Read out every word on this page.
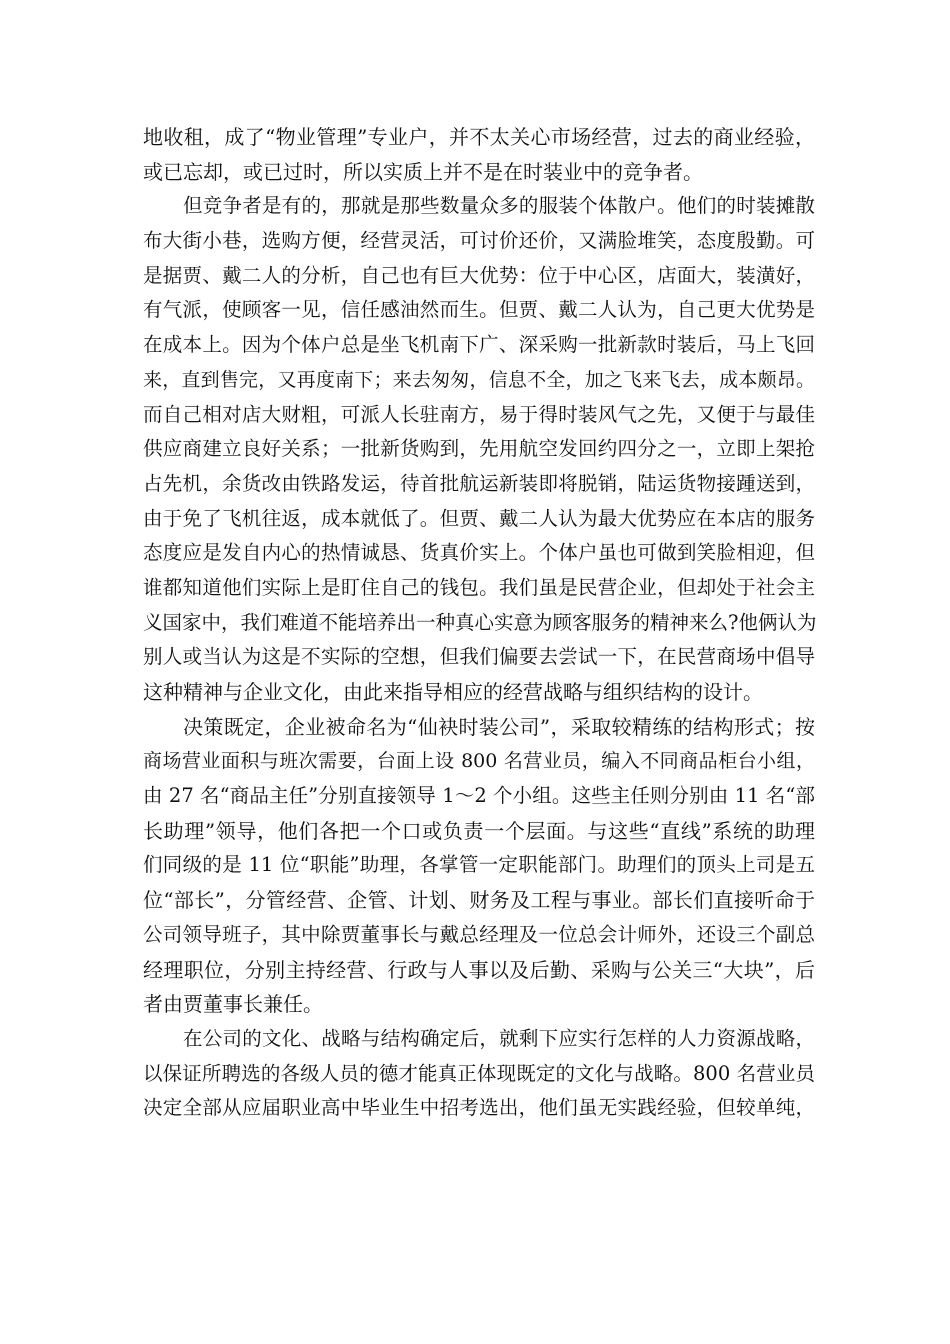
地收租，成了“物业管理”专业户，并不太关心市场经营，过去的商业经验，
或已忘却，或已过时，所以实质上并不是在时装业中的竞争者。
但竞争者是有的，那就是那些数量众多的服装个体散户。他们的时装摊散
布大街小巷，选购方便，经营灵活，可讨价还价，又满脸堆笑，态度殷勤。可
是据贾、戴二人的分析，自己也有巨大优势：位于中心区，店面大，装潢好，
有气派，使顾客一见，信任感油然而生。但贾、戴二人认为，自己更大优势是
在成本上。因为个体户总是坐飞机南下广、深采购一批新款时装后，马上飞回
来，直到售完，又再度南下；来去匆匆，信息不全，加之飞来飞去，成本颇昂。
而自己相对店大财粗，可派人长驻南方，易于得时装风气之先，又便于与最佳
供应商建立良好关系；一批新货购到，先用航空发回约四分之一，立即上架抢
占先机，余货改由铁路发运，待首批航运新装即将脱销，陆运货物接踵送到，
由于免了飞机往返，成本就低了。但贾、戴二人认为最大优势应在本店的服务
态度应是发自内心的热情诚恳、货真价实上。个体户虽也可做到笑脸相迎，但
谁都知道他们实际上是盯住自己的钱包。我们虽是民营企业，但却处于社会主
义国家中，我们难道不能培养出一种真心实意为顾客服务的精神来么?他俩认为
别人或当认为这是不实际的空想，但我们偏要去尝试一下，在民营商场中倡导
这种精神与企业文化，由此来指导相应的经营战略与组织结构的设计。
决策既定，企业被命名为“仙袂时装公司”，采取较精练的结构形式；按
商场营业面积与班次需要，台面上设 800 名营业员，编入不同商品柜台小组，
由 27 名“商品主任”分别直接领导 1～2 个小组。这些主任则分别由 11 名“部
长助理”领导，他们各把一个口或负责一个层面。与这些“直线”系统的助理
们同级的是 11 位“职能”助理，各掌管一定职能部门。助理们的顶头上司是五
位“部长”，分管经营、企管、计划、财务及工程与事业。部长们直接听命于
公司领导班子，其中除贾董事长与戴总经理及一位总会计师外，还设三个副总
经理职位，分别主持经营、行政与人事以及后勤、采购与公关三“大块”，后
者由贾董事长兼任。
在公司的文化、战略与结构确定后，就剩下应实行怎样的人力资源战略，
以保证所聘选的各级人员的德才能真正体现既定的文化与战略。800 名营业员
决定全部从应届职业高中毕业生中招考选出，他们虽无实践经验，但较单纯，
